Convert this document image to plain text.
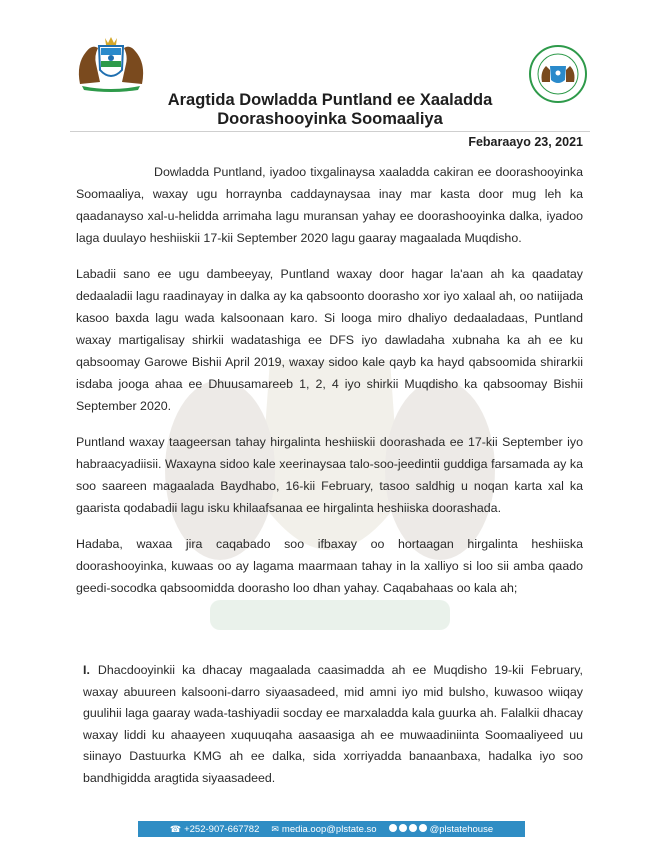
Aragtida Dowladda Puntland ee Xaaladda
Doorashooyinka Soomaaliya
Febaraayo 23, 2021

Dowladda Puntland, iyadoo tixgalinaysa xaaladda cakiran ee doorashooyinka Soomaaliya, waxay ugu horraynba caddaynaysaa inay mar kasta door mug leh ka qaadanayso xal-u-helidda arrimaha lagu muransan yahay ee doorashooyinka dalka, iyadoo laga duulayo heshiiskii 17-kii September 2020 lagu gaaray magaalada Muqdisho.

Labadii sano ee ugu dambeeyay, Puntland waxay door hagar la'aan ah ka qaadatay dedaaladii lagu raadinayay in dalka ay ka qabsoonto doorasho xor iyo xalaal ah, oo natiijada kasoo baxda lagu wada kalsoonaan karo. Si looga miro dhaliyo dedaaladaas, Puntland waxay martigalisay shirkii wadatashiga ee DFS iyo dawladaha xubnaha ka ah ee ku qabsoomay Garowe Bishii April 2019, waxay sidoo kale qayb ka hayd qabsoomida shirarkii isdaba jooga ahaa ee Dhuusamareeb 1, 2, 4 iyo shirkii Muqdisho ka qabsoomay Bishii September 2020.

Puntland waxay taageersan tahay hirgalinta heshiiskii doorashada ee 17-kii September iyo habraacyadiisii. Waxayna sidoo kale xeerinaysaa talo-soo-jeedintii guddiga farsamada ay ka soo saareen magaalada Baydhabo, 16-kii February, tasoo saldhig u noqan karta xal ka gaarista qodabadii lagu isku khilaafsanaa ee hirgalinta heshiiska doorashada.

Hadaba, waxaa jira caqabado soo ifbaxay oo hortaagan hirgalinta heshiiska doorashooyinka, kuwaas oo ay lagama maarmaan tahay in la xalliyo si loo sii amba qaado geedi-socodka qabsoomidda doorasho loo dhan yahay. Caqabahaas oo kala ah;

I. Dhacdooyinkii ka dhacay magaalada caasimadda ah ee Muqdisho 19-kii February, waxay abuureen kalsooni-darro siyaasadeed, mid amni iyo mid bulsho, kuwasoo wiiqay guulihii laga gaaray wada-tashiyadii socday ee marxaladda kala guurka ah. Falalkii dhacay waxay liddi ku ahaayeen xuquuqaha aasaasiga ah ee muwaadiniinta Soomaaliyeed uu siinayo Dastuurka KMG ah ee dalka, sida xorriyadda banaanbaxa, hadalka iyo soo bandhigidda aragtida siyaasadeed.
☎ +252-907-667782 ✉ media.oop@plstate.so	@plstatehouse
